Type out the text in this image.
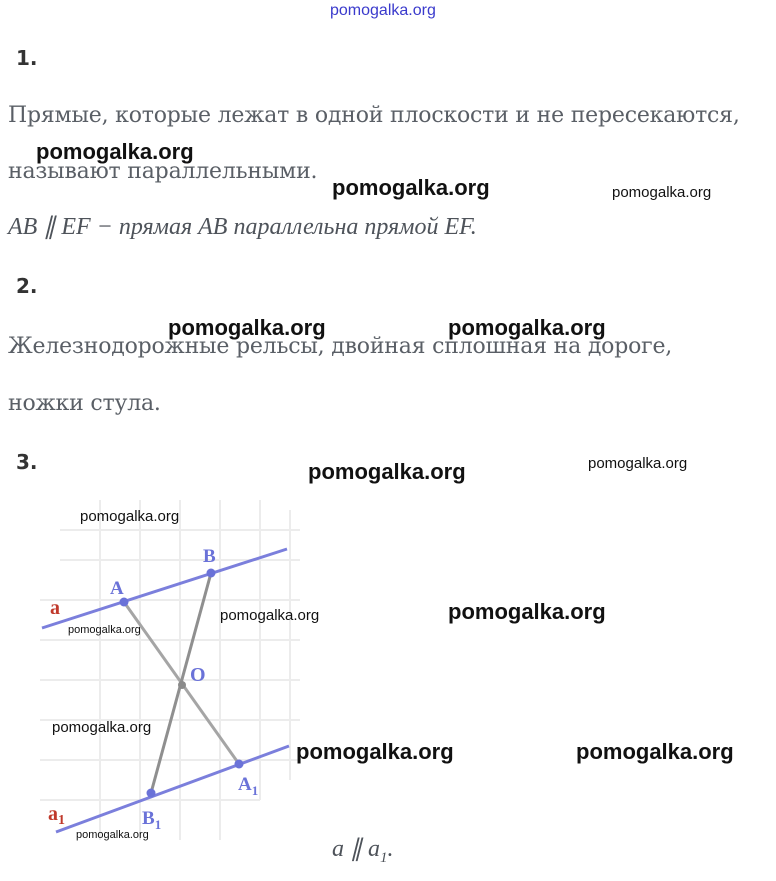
pomogalka.org
1.
Прямые, которые лежат в одной плоскости и не пересекаются,
называют параллельными.
AB ∥ EF − прямая AB параллельна прямой EF.
2.
Железнодорожные рельсы, двойная сплошная на дороге,
ножки стула.
3.
a
$a_1$
A
B
O
$A_1$
$B_1$
a ∥ $a_1$.
pomogalka.org
pomogalka.org	pomogalka.org
pomogalka.org	pomogalka.org
pomogalka.org	pomogalka.org
pomogalka.org
pomogalka.org
pomogalka.org
pomogalka.org
pomogalka.org
pomogalka.org	pomogalka.org
pomogalka.org
